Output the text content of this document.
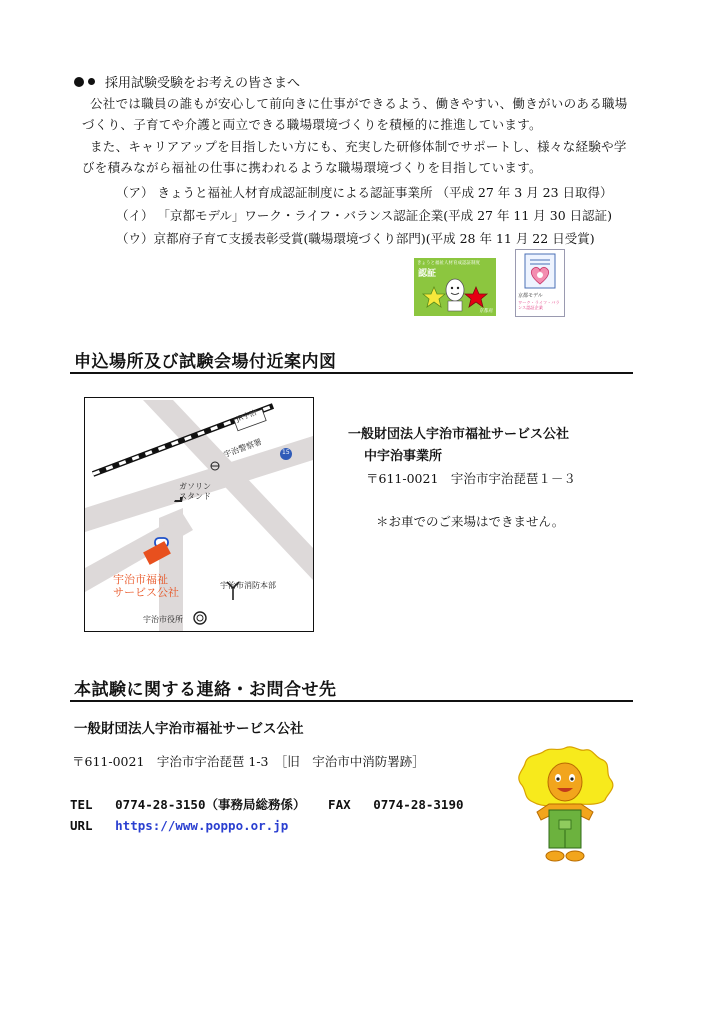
採用試験受験をお考えの皆さまへ
公社では職員の誰もが安心して前向きに仕事ができるよう、働きやすい、働きがいのある職場
づくり、子育てや介護と両立できる職場環境づくりを積極的に推進しています。
また、キャリアアップを目指したい方にも、充実した研修体制でサポートし、様々な経験や学
びを積みながら福祉の仕事に携われるような職場環境づくりを目指しています。
（ア） きょうと福祉人材育成認証制度による認証事業所 （平成 27 年 3 月 23 日取得）
（イ） 「京都モデル」ワーク・ライフ・バランス認証企業(平成 27 年 11 月 30 日認証)
（ウ）京都府子育て支援表彰受賞(職場環境づくり部門)(平成 28 年 11 月 22 日受賞)
きょうと福祉人材育成認証制度
認証
京都府
京都モデル
ワーク・ライフ・バランス認証企業
申込場所及び試験会場付近案内図
JR宇治
宇治警察署	15
ガソリン
スタンド
宇治市福祉
サービス公社
宇治市消防本部
宇治市役所
一般財団法人宇治市福祉サービス公社
中宇治事業所
〒611-0021　宇治市宇治琵琶１－３
＊お車でのご来場はできません。
本試験に関する連絡・お問合せ先
一般財団法人宇治市福祉サービス公社
〒611-0021　宇治市宇治琵琶 1-3　［旧　宇治市中消防署跡］
TEL 0774-28-3150（事務局総務係） FAX 0774-28-3190
URL https://www.poppo.or.jp
